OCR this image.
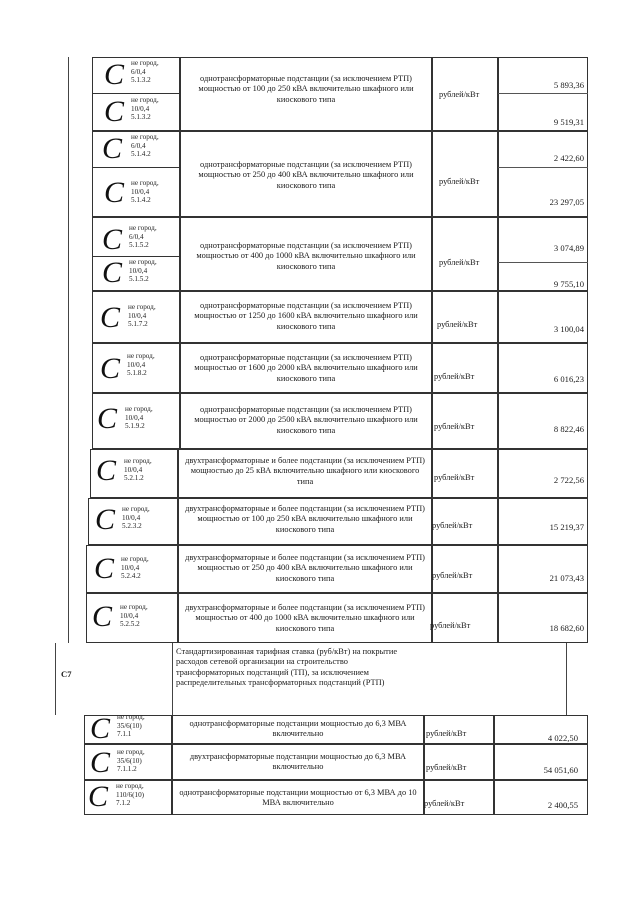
С не город,
6/0,4
5.1.3.2
С не город,
10/0,4
5.1.3.2
однотрансформаторные подстанции (за исключением РТП) мощностью от 100 до 250 кВА включительно шкафного или киоскового типа
рублей/кВт
5 893,36
9 519,31
С не город,
6/0,4
5.1.4.2
С не город,
10/0,4
5.1.4.2
однотрансформаторные подстанции (за исключением РТП) мощностью от 250 до 400 кВА включительно шкафного или киоскового типа	рублей/кВт
2 422,60
23 297,05
С не город,
6/0,4
5.1.5.2
С не город,
10/0,4
5.1.5.2
однотрансформаторные подстанции (за исключением РТП) мощностью от 400 до 1000 кВА включительно шкафного или киоскового типа	рублей/кВт
3 074,89
9 755,10
С не город,
10/0,4
5.1.7.2
однотрансформаторные подстанции (за исключением РТП) мощностью от 1250 до 1600 кВА включительно шкафного или киоскового типа	рублей/кВт	3 100,04
С не город,
10/0,4
5.1.8.2
однотрансформаторные подстанции (за исключением РТП) мощностью от 1600 до 2000 кВА включительно шкафного или киоскового типа	рублей/кВт	6 016,23
С не город,
10/0,4
5.1.9.2
однотрансформаторные подстанции (за исключением РТП) мощностью от 2000 до 2500 кВА включительно шкафного или киоскового типа	рублей/кВт	8 822,46
С не город,
10/0,4
5.2.1.2
двухтрансформаторные и более подстанции (за исключением РТП) мощностью до 25 кВА включительно шкафного или киоскового типа	рублей/кВт	2 722,56
С не город,
10/0,4
5.2.3.2
двухтрансформаторные и более подстанции (за исключением РТП) мощностью от 100 до 250 кВА включительно шкафного или киоскового типа	рублей/кВт	15 219,37
С не город,
10/0,4
5.2.4.2
двухтрансформаторные и более подстанции (за исключением РТП) мощностью от 250 до 400 кВА включительно шкафного или киоскового типа	рублей/кВт	21 073,43
С не город,
10/0,4
5.2.5.2
двухтрансформаторные и более подстанции (за исключением РТП) мощностью от 400 до 1000 кВА включительно шкафного или киоскового типа	рублей/кВт	18 682,60
С7
Стандартизированная тарифная ставка (руб/кВт) на покрытие расходов сетевой организации на строительство трансформаторных подстанций (ТП), за исключением распределительных трансформаторных подстанций (РТП)
С не город,
35/6(10)
7.1.1
однотрансформаторные подстанции мощностью до 6,3 МВА включительно	рублей/кВт	4 022,50
С не город,
35/6(10)
7.1.1.2
двухтрансформаторные подстанции мощностью до 6,3 МВА включительно	рублей/кВт	54 051,60
С не город,
110/6(10)
7.1.2
однотрансформаторные подстанции мощностью от 6,3 МВА до 10 МВА включительно	рублей/кВт	2 400,55
